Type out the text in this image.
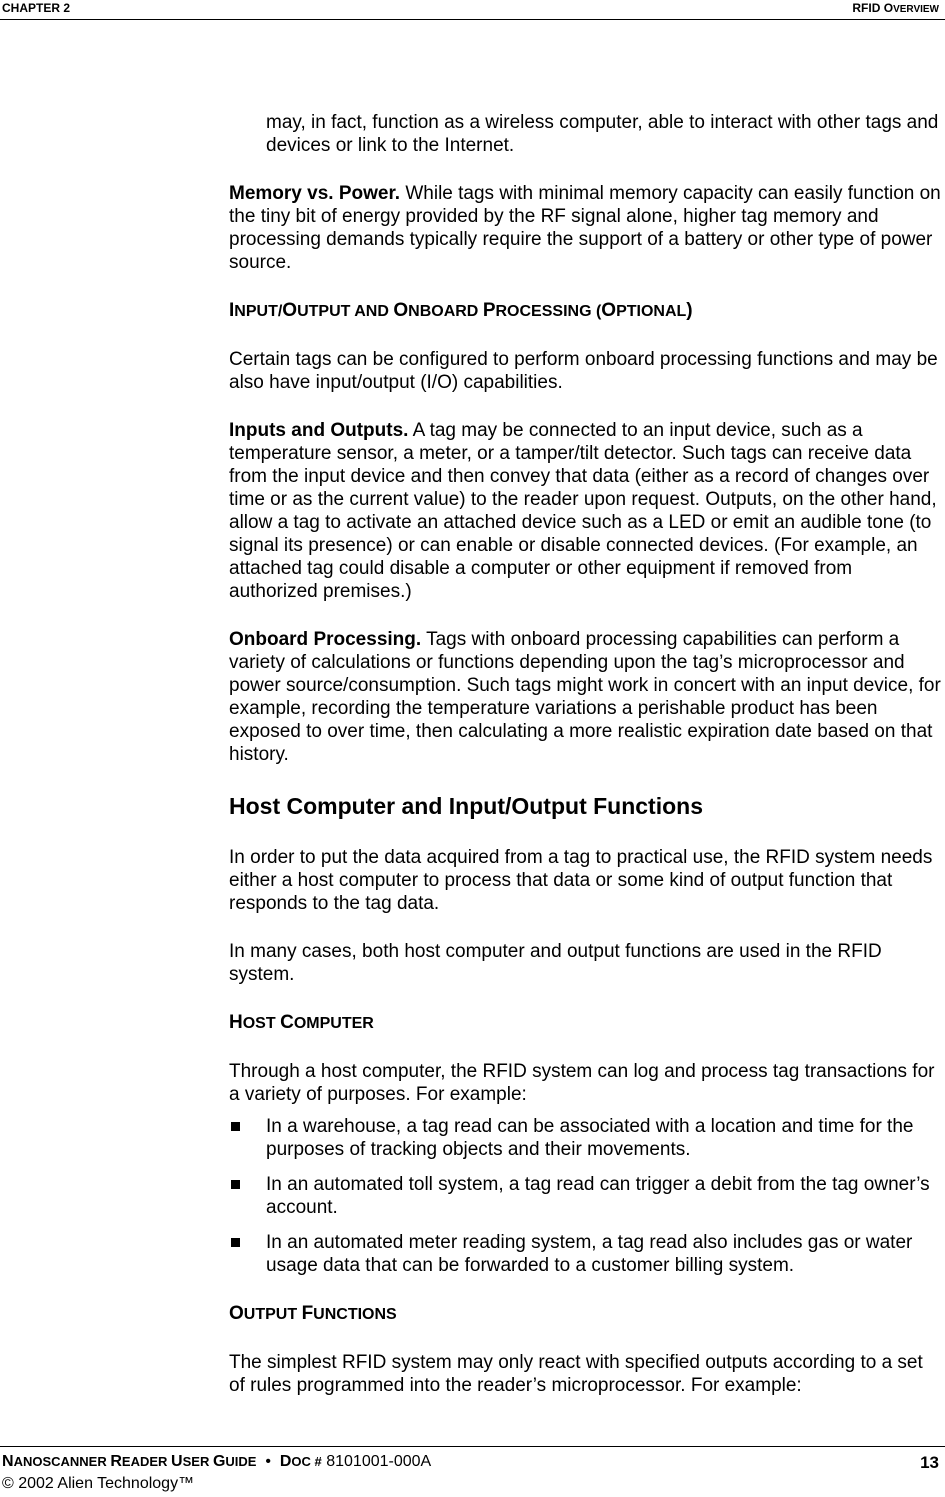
CHAPTER 2	RFID OVERVIEW

may, in fact, function as a wireless computer, able to interact with other tags and devices or link to the Internet.

Memory vs. Power. While tags with minimal memory capacity can easily function on the tiny bit of energy provided by the RF signal alone, higher tag memory and processing demands typically require the support of a battery or other type of power source.

INPUT/OUTPUT AND ONBOARD PROCESSING (OPTIONAL)

Certain tags can be configured to perform onboard processing functions and may be also have input/output (I/O) capabilities.

Inputs and Outputs. A tag may be connected to an input device, such as a temperature sensor, a meter, or a tamper/tilt detector. Such tags can receive data from the input device and then convey that data (either as a record of changes over time or as the current value) to the reader upon request. Outputs, on the other hand, allow a tag to activate an attached device such as a LED or emit an audible tone (to signal its presence) or can enable or disable connected devices. (For example, an attached tag could disable a computer or other equipment if removed from authorized premises.)

Onboard Processing. Tags with onboard processing capabilities can perform a variety of calculations or functions depending upon the tag’s microprocessor and power source/consumption. Such tags might work in concert with an input device, for example, recording the temperature variations a perishable product has been exposed to over time, then calculating a more realistic expiration date based on that history.

Host Computer and Input/Output Functions

In order to put the data acquired from a tag to practical use, the RFID system needs either a host computer to process that data or some kind of output function that responds to the tag data.

In many cases, both host computer and output functions are used in the RFID system.

HOST COMPUTER

Through a host computer, the RFID system can log and process tag transactions for a variety of purposes. For example:

In a warehouse, a tag read can be associated with a location and time for the purposes of tracking objects and their movements.
In an automated toll system, a tag read can trigger a debit from the tag owner’s account.
In an automated meter reading system, a tag read also includes gas or water usage data that can be forwarded to a customer billing system.
OUTPUT FUNCTIONS

The simplest RFID system may only react with specified outputs according to a set of rules programmed into the reader’s microprocessor. For example:

NANOSCANNER READER USER GUIDE • DOC # 8101001-000A
© 2002 Alien Technology™
13
